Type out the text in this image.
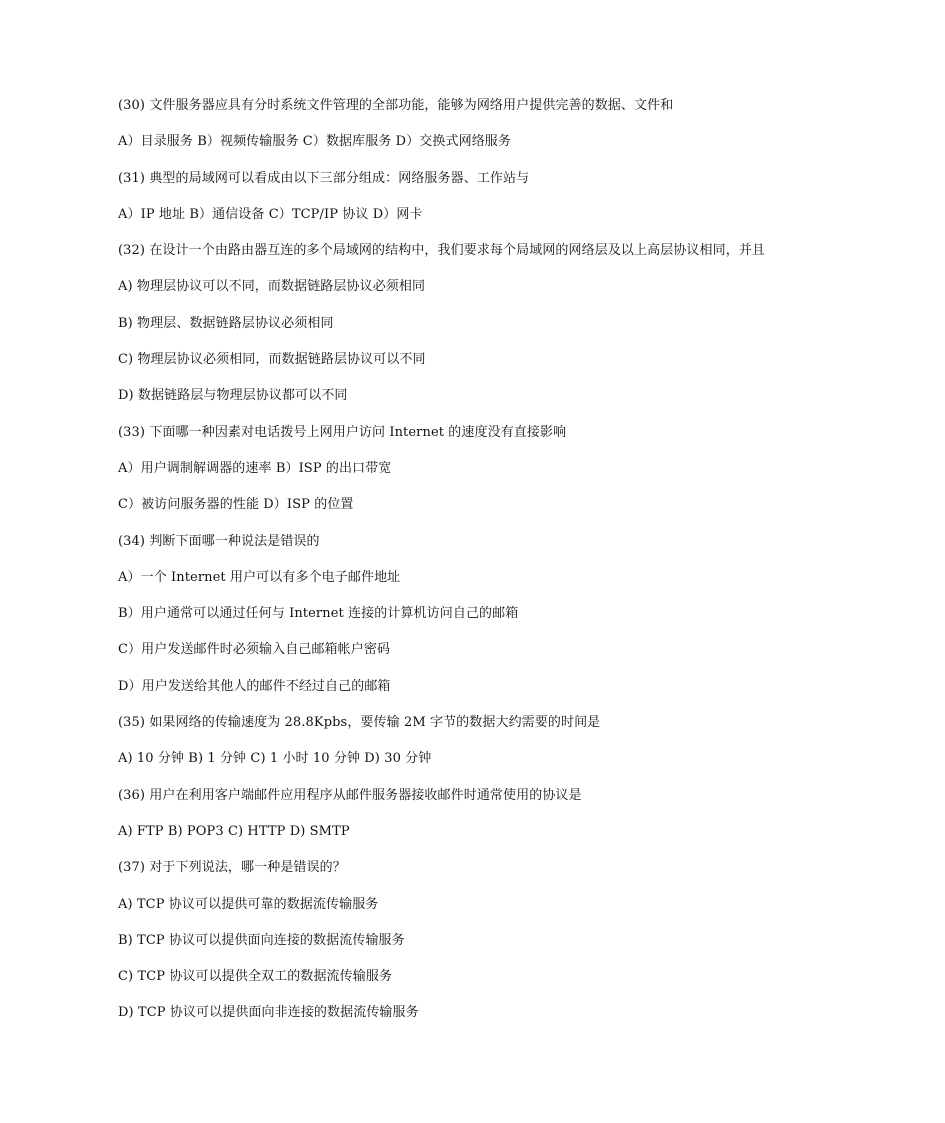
(30) 文件服务器应具有分时系统文件管理的全部功能，能够为网络用户提供完善的数据、文件和
A）目录服务 B）视频传输服务 C）数据库服务 D）交换式网络服务
(31) 典型的局域网可以看成由以下三部分组成：网络服务器、工作站与
A）IP 地址 B）通信设备 C）TCP/IP 协议 D）网卡
(32) 在设计一个由路由器互连的多个局域网的结构中，我们要求每个局域网的网络层及以上高层协议相同，并且
A) 物理层协议可以不同，而数据链路层协议必须相同
B) 物理层、数据链路层协议必须相同
C) 物理层协议必须相同，而数据链路层协议可以不同
D) 数据链路层与物理层协议都可以不同
(33) 下面哪一种因素对电话拨号上网用户访问 Internet 的速度没有直接影响
A）用户调制解调器的速率 B）ISP 的出口带宽
C）被访问服务器的性能 D）ISP 的位置
(34) 判断下面哪一种说法是错误的
A）一个 Internet 用户可以有多个电子邮件地址
B）用户通常可以通过任何与 Internet 连接的计算机访问自己的邮箱
C）用户发送邮件时必须输入自己邮箱帐户密码
D）用户发送给其他人的邮件不经过自己的邮箱
(35) 如果网络的传输速度为 28.8Kpbs，要传输 2M 字节的数据大约需要的时间是
A) 10 分钟 B) 1 分钟 C) 1 小时 10 分钟 D) 30 分钟
(36) 用户在利用客户端邮件应用程序从邮件服务器接收邮件时通常使用的协议是
A) FTP B) POP3 C) HTTP D) SMTP
(37) 对于下列说法，哪一种是错误的？
A) TCP 协议可以提供可靠的数据流传输服务
B) TCP 协议可以提供面向连接的数据流传输服务
C) TCP 协议可以提供全双工的数据流传输服务
D) TCP 协议可以提供面向非连接的数据流传输服务
